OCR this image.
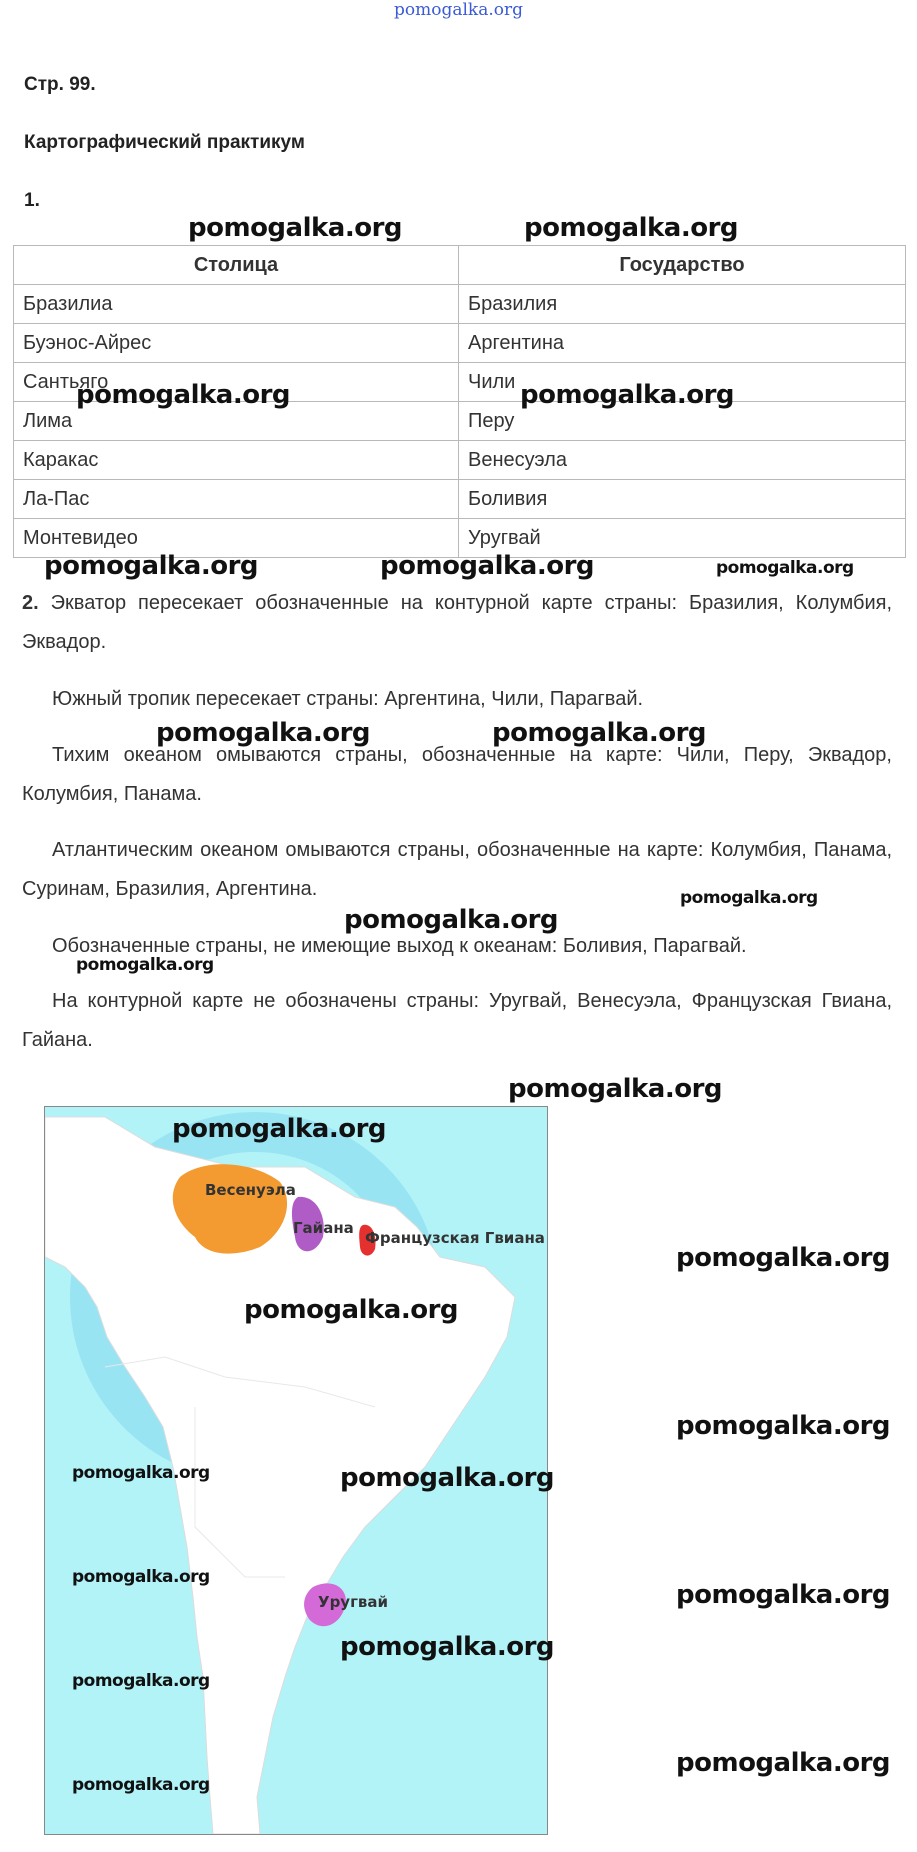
pomogalka.org
Стр. 99.
Картографический практикум
1.
Столица	Государство
Бразилиа	Бразилия
Буэнос-Айрес	Аргентина
Сантьяго	Чили
Лима	Перу
Каракас	Венесуэла
Ла-Пас	Боливия
Монтевидео	Уругвай
2. Экватор пересекает обозначенные на контурной карте страны: Бразилия, Колумбия, Эквадор.
Южный тропик пересекает страны: Аргентина, Чили, Парагвай.
Тихим океаном омываются страны, обозначенные на карте: Чили, Перу, Эквадор, Колумбия, Панама.
Атлантическим океаном омываются страны, обозначенные на карте: Колумбия, Панама, Суринам, Бразилия, Аргентина.
Обозначенные страны, не имеющие выход к океанам: Боливия, Парагвай.
На контурной карте не обозначены страны: Уругвай, Венесуэла, Французская Гвиана, Гайана.
Весенуэла
Гайана
Французская Гвиана
Уругвай
pomogalka.org	pomogalka.org
pomogalka.org	pomogalka.org
pomogalka.org	pomogalka.org	pomogalka.org
pomogalka.org	pomogalka.org
pomogalka.org
pomogalka.org
pomogalka.org
pomogalka.org
pomogalka.org
pomogalka.org
pomogalka.org
pomogalka.org
pomogalka.org	pomogalka.org
pomogalka.org
pomogalka.org
pomogalka.org
pomogalka.org
pomogalka.org
pomogalka.org
